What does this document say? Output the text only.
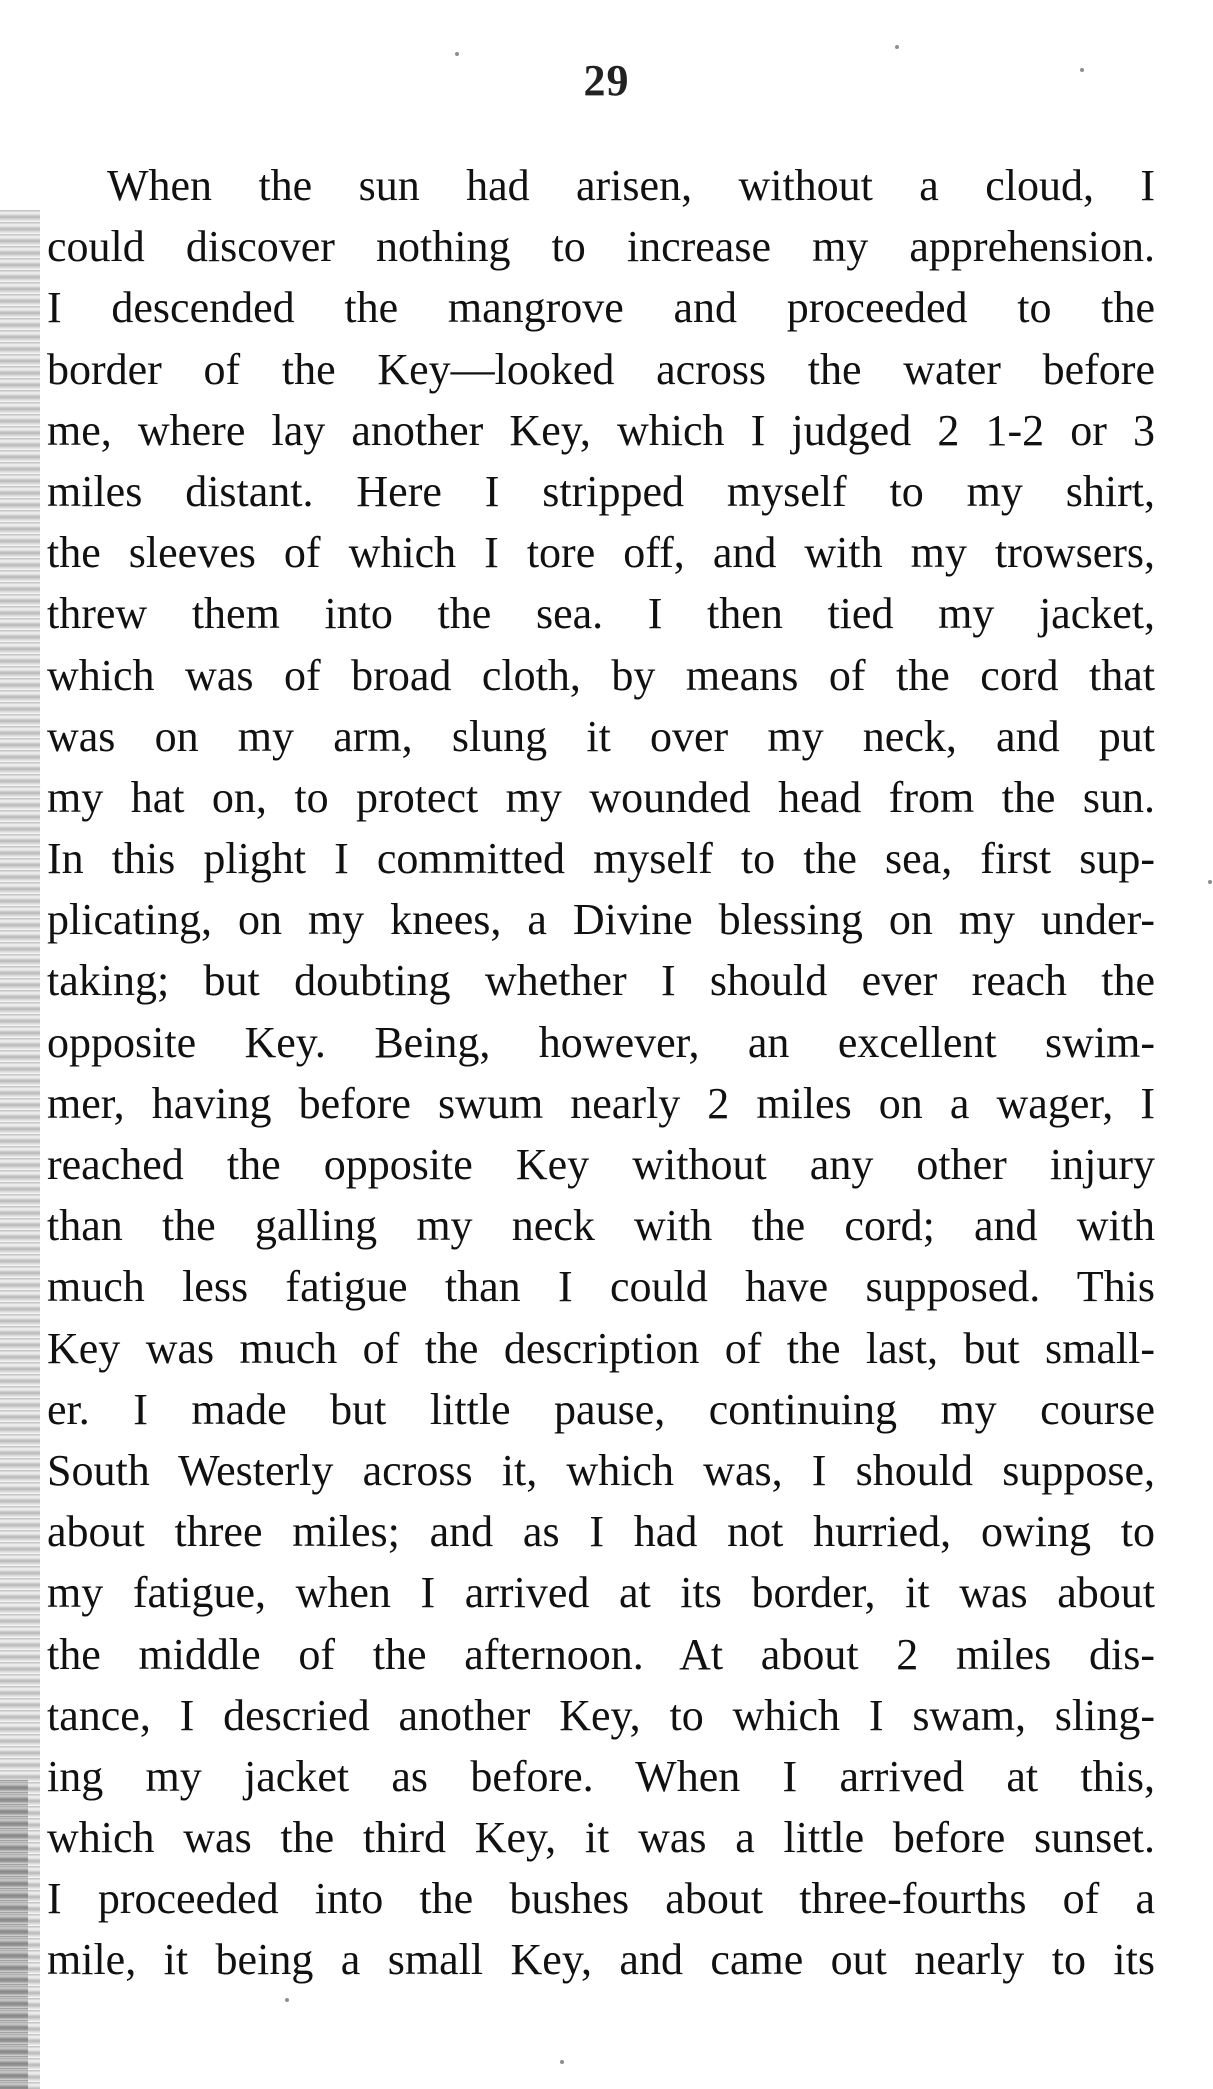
29
When the sun had arisen, without a cloud, I
could discover nothing to increase my apprehension.
I descended the mangrove and proceeded to the
border of the Key—looked across the water before
me, where lay another Key, which I judged 2 1-2 or 3
miles distant. Here I stripped myself to my shirt,
the sleeves of which I tore off, and with my trowsers,
threw them into the sea. I then tied my jacket,
which was of broad cloth, by means of the cord that
was on my arm, slung it over my neck, and put
my hat on, to protect my wounded head from the sun.
In this plight I committed myself to the sea, first sup-
plicating, on my knees, a Divine blessing on my under-
taking; but doubting whether I should ever reach the
opposite Key. Being, however, an excellent swim-
mer, having before swum nearly 2 miles on a wager, I
reached the opposite Key without any other injury
than the galling my neck with the cord; and with
much less fatigue than I could have supposed. This
Key was much of the description of the last, but small-
er. I made but little pause, continuing my course
South Westerly across it, which was, I should suppose,
about three miles; and as I had not hurried, owing to
my fatigue, when I arrived at its border, it was about
the middle of the afternoon. At about 2 miles dis-
tance, I descried another Key, to which I swam, sling-
ing my jacket as before. When I arrived at this,
which was the third Key, it was a little before sunset.
I proceeded into the bushes about three-fourths of a
mile, it being a small Key, and came out nearly to its
